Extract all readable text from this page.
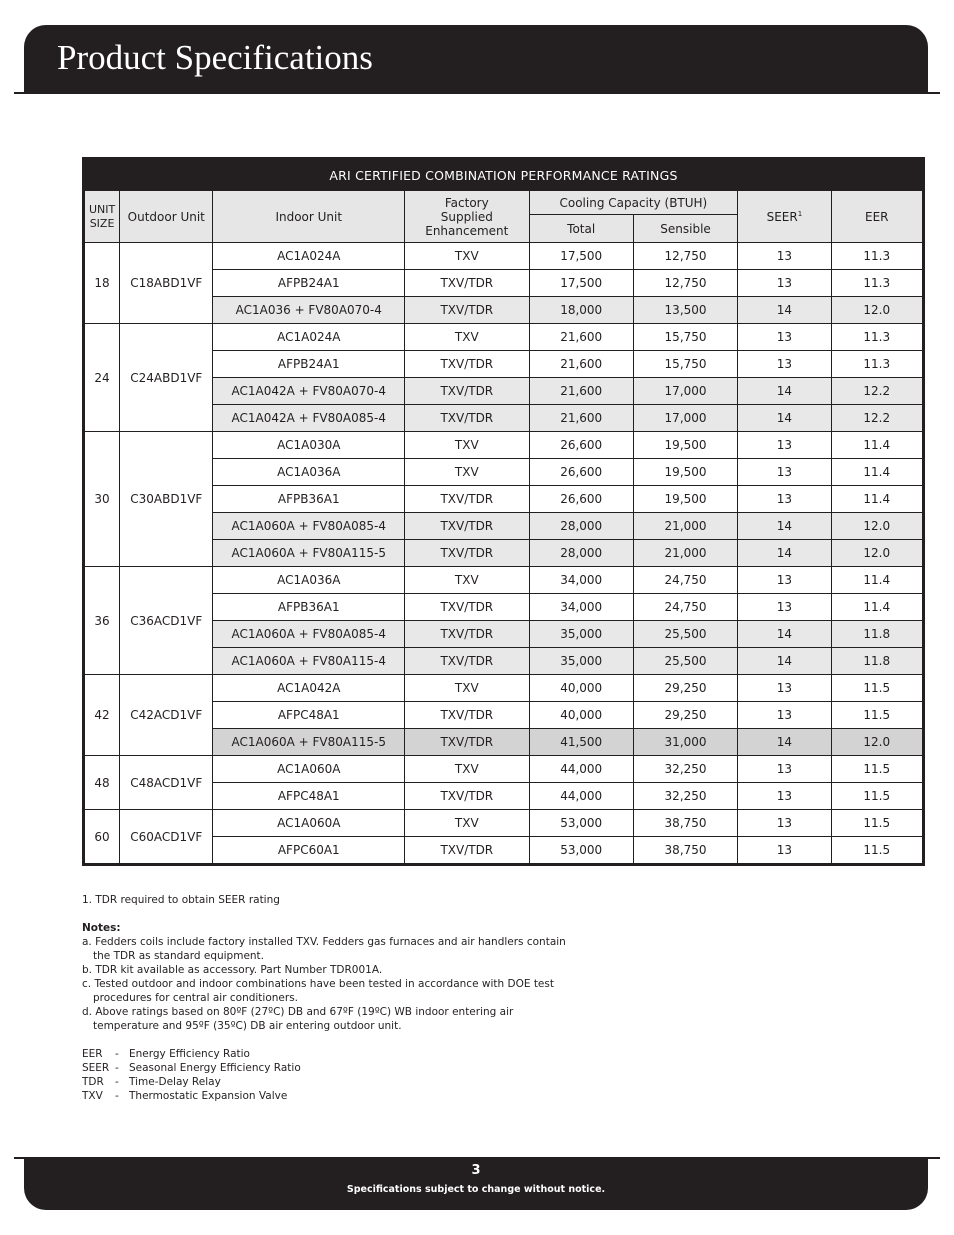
Product Specifications
ARI CERTIFIED COMBINATION PERFORMANCE RATINGS							
UNIT
SIZE	Outdoor Unit	Indoor Unit	Factory
Supplied
Enhancement	Cooling Capacity (BTUH)		SEER$^1$	EER
				Total	Sensible		
18	C18ABD1VF	AC1A024A	TXV	17,500	12,750	13	11.3
		AFPB24A1	TXV/TDR	17,500	12,750	13	11.3
		AC1A036 + FV80A070-4	TXV/TDR	18,000	13,500	14	12.0
24	C24ABD1VF	AC1A024A	TXV	21,600	15,750	13	11.3
		AFPB24A1	TXV/TDR	21,600	15,750	13	11.3
		AC1A042A + FV80A070-4	TXV/TDR	21,600	17,000	14	12.2
		AC1A042A + FV80A085-4	TXV/TDR	21,600	17,000	14	12.2
30	C30ABD1VF	AC1A030A	TXV	26,600	19,500	13	11.4
		AC1A036A	TXV	26,600	19,500	13	11.4
		AFPB36A1	TXV/TDR	26,600	19,500	13	11.4
		AC1A060A + FV80A085-4	TXV/TDR	28,000	21,000	14	12.0
		AC1A060A + FV80A115-5	TXV/TDR	28,000	21,000	14	12.0
36	C36ACD1VF	AC1A036A	TXV	34,000	24,750	13	11.4
		AFPB36A1	TXV/TDR	34,000	24,750	13	11.4
		AC1A060A + FV80A085-4	TXV/TDR	35,000	25,500	14	11.8
		AC1A060A + FV80A115-4	TXV/TDR	35,000	25,500	14	11.8
42	C42ACD1VF	AC1A042A	TXV	40,000	29,250	13	11.5
		AFPC48A1	TXV/TDR	40,000	29,250	13	11.5
		AC1A060A + FV80A115-5	TXV/TDR	41,500	31,000	14	12.0
48	C48ACD1VF	AC1A060A	TXV	44,000	32,250	13	11.5
		AFPC48A1	TXV/TDR	44,000	32,250	13	11.5
60	C60ACD1VF	AC1A060A	TXV	53,000	38,750	13	11.5
		AFPC60A1	TXV/TDR	53,000	38,750	13	11.5
1. TDR required to obtain SEER rating
Notes:
a. Fedders coils include factory installed TXV. Fedders gas furnaces and air handlers contain the TDR as standard equipment.
b. TDR kit available as accessory. Part Number TDR001A.
c. Tested outdoor and indoor combinations have been tested in accordance with DOE test procedures for central air conditioners.
d. Above ratings based on 80ºF (27ºC) DB and 67ºF (19ºC) WB indoor entering air temperature and 95ºF (35ºC) DB air entering outdoor unit.
EER	- Energy Efficiency Ratio
SEER - Seasonal Energy Efficiency Ratio
TDR	- Time-Delay Relay
TXV	- Thermostatic Expansion Valve
3
Specifications subject to change without notice.
